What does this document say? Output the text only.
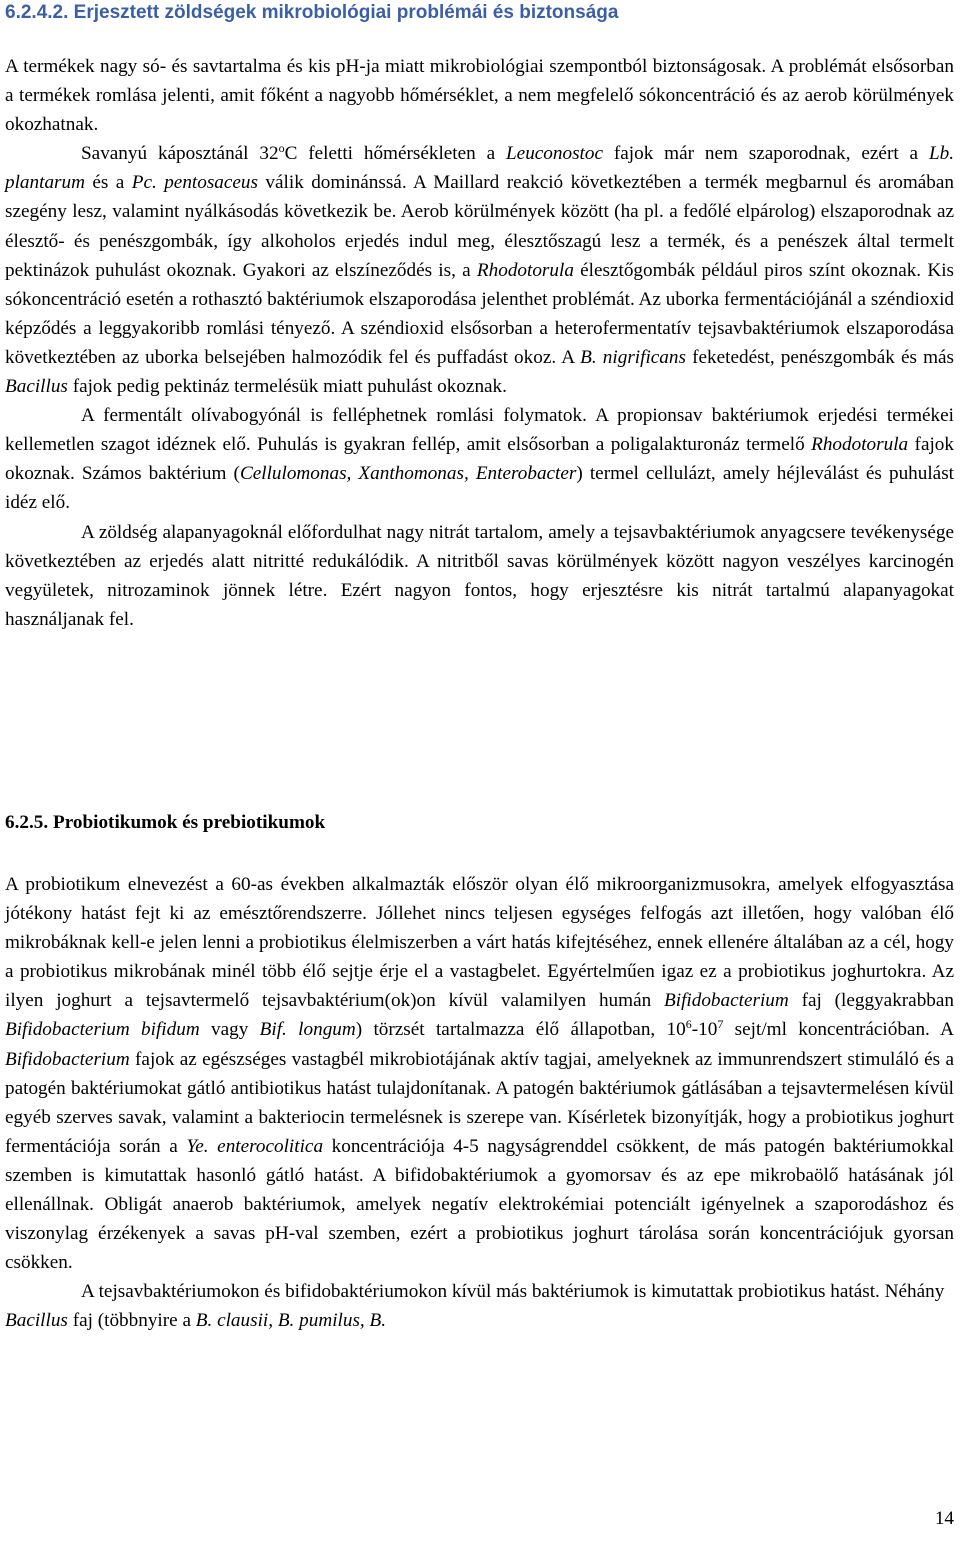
6.2.4.2. Erjesztett zöldségek mikrobiológiai problémái és biztonsága

A termékek nagy só- és savtartalma és kis pH-ja miatt mikrobiológiai szempontból biztonságosak. A problémát elsősorban a termékek romlása jelenti, amit főként a nagyobb hőmérséklet, a nem megfelelő sókoncentráció és az aerob körülmények okozhatnak.

Savanyú káposztánál 32$^o$C feletti hőmérsékleten a Leuconostoc fajok már nem szaporodnak, ezért a Lb. plantarum és a Pc. pentosaceus válik dominánssá. A Maillard reakció következtében a termék megbarnul és aromában szegény lesz, valamint nyálkásodás következik be. Aerob körülmények között (ha pl. a fedőlé elpárolog) elszaporodnak az élesztő- és penészgombák, így alkoholos erjedés indul meg, élesztőszagú lesz a termék, és a penészek által termelt pektinázok puhulást okoznak. Gyakori az elszíneződés is, a Rhodotorula élesztőgombák például piros színt okoznak. Kis sókoncentráció esetén a rothasztó baktériumok elszaporodása jelenthet problémát. Az uborka fermentációjánál a széndioxid képződés a leggyakoribb romlási tényező. A széndioxid elsősorban a heterofermentatív tejsavbaktériumok elszaporodása következtében az uborka belsejében halmozódik fel és puffadást okoz. A B. nigrificans feketedést, penészgombák és más Bacillus fajok pedig pektináz termelésük miatt puhulást okoznak.

A fermentált olívabogyónál is felléphetnek romlási folymatok. A propionsav baktériumok erjedési termékei kellemetlen szagot idéznek elő. Puhulás is gyakran fellép, amit elsősorban a poligalakturonáz termelő Rhodotorula fajok okoznak. Számos baktérium (Cellulomonas, Xanthomonas, Enterobacter) termel cellulázt, amely héjleválást és puhulást idéz elő.

A zöldség alapanyagoknál előfordulhat nagy nitrát tartalom, amely a tejsavbaktériumok anyagcsere tevékenysége következtében az erjedés alatt nitritté redukálódik. A nitritből savas körülmények között nagyon veszélyes karcinogén vegyületek, nitrozaminok jönnek létre. Ezért nagyon fontos, hogy erjesztésre kis nitrát tartalmú alapanyagokat használjanak fel.

6.2.5. Probiotikumok és prebiotikumok

A probiotikum elnevezést a 60-as években alkalmazták először olyan élő mikroorganizmusokra, amelyek elfogyasztása jótékony hatást fejt ki az emésztőrendszerre. Jóllehet nincs teljesen egységes felfogás azt illetően, hogy valóban élő mikrobáknak kell-e jelen lenni a probiotikus élelmiszerben a várt hatás kifejtéséhez, ennek ellenére általában az a cél, hogy a probiotikus mikrobának minél több élő sejtje érje el a vastagbelet. Egyértelműen igaz ez a probiotikus joghurtokra. Az ilyen joghurt a tejsavtermelő tejsavbaktérium(ok)on kívül valamilyen humán Bifidobacterium faj (leggyakrabban Bifidobacterium bifidum vagy Bif. longum) törzsét tartalmazza élő állapotban, $10^6-10^7$ sejt/ml koncentrációban. A Bifidobacterium fajok az egészséges vastagbél mikrobiotájának aktív tagjai, amelyeknek az immunrendszert stimuláló és a patogén baktériumokat gátló antibiotikus hatást tulajdonítanak. A patogén baktériumok gátlásában a tejsavtermelésen kívül egyéb szerves savak, valamint a bakteriocin termelésnek is szerepe van. Kísérletek bizonyítják, hogy a probiotikus joghurt fermentációja során a Ye. enterocolitica koncentrációja 4-5 nagyságrenddel csökkent, de más patogén baktériumokkal szemben is kimutattak hasonló gátló hatást. A bifidobaktériumok a gyomorsav és az epe mikrobaölő hatásának jól ellenállnak. Obligát anaerob baktériumok, amelyek negatív elektrokémiai potenciált igényelnek a szaporodáshoz és viszonylag érzékenyek a savas pH-val szemben, ezért a probiotikus joghurt tárolása során koncentrációjuk gyorsan csökken.

A tejsavbaktériumokon és bifidobaktériumokon kívül más baktériumok is kimutattak probiotikus hatást. Néhány Bacillus faj (többnyire a B. clausii, B. pumilus, B.

14
